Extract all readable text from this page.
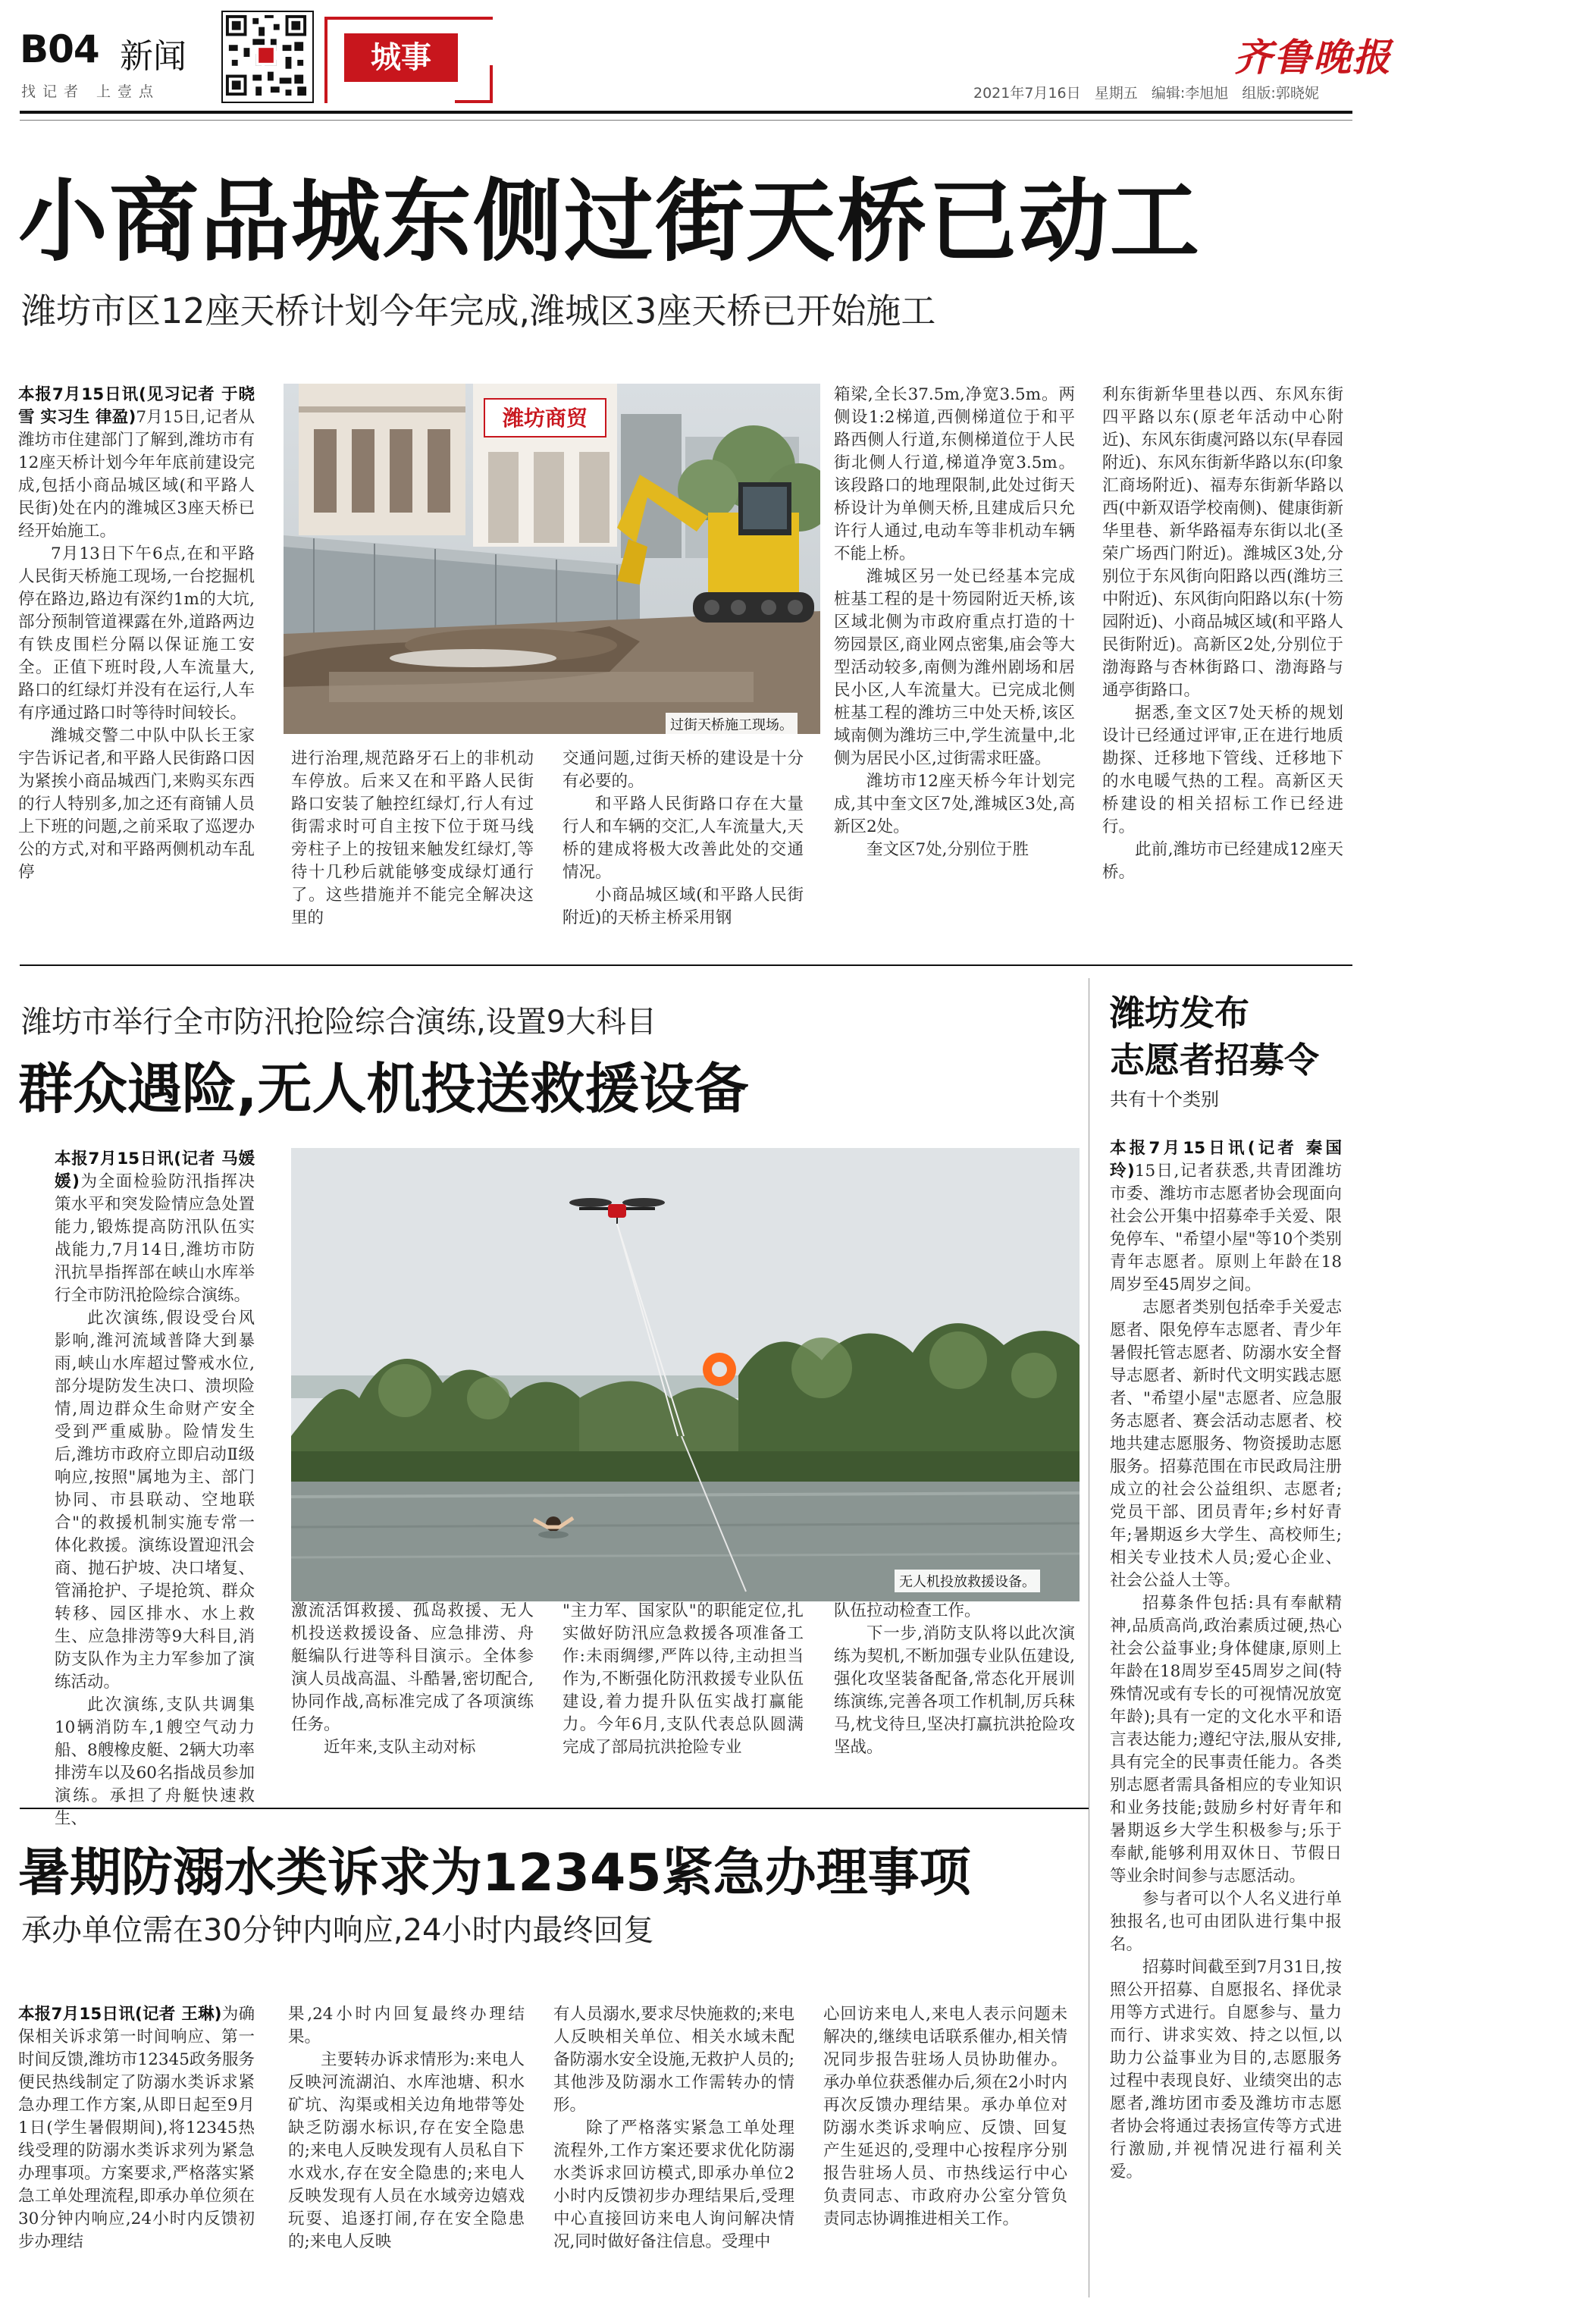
B04 新闻
找记者 上壹点
城事	齐鲁晚报
2021年7月16日 星期五 编辑:李旭旭 组版:郭晓妮
小商品城东侧过街天桥已动工
潍坊市区12座天桥计划今年完成,潍城区3座天桥已开始施工

本报7月15日讯(见习记者 于晓雪 实习生 律盈)7月15日,记者从潍坊市住建部门了解到,潍坊市有12座天桥计划今年年底前建设完成,包括小商品城区域(和平路人民街)处在内的潍城区3座天桥已经开始施工。

7月13日下午6点,在和平路人民街天桥施工现场,一台挖掘机停在路边,路边有深约1m的大坑,部分预制管道裸露在外,道路两边有铁皮围栏分隔以保证施工安全。正值下班时段,人车流量大,路口的红绿灯并没有在运行,人车有序通过路口时等待时间较长。

潍城交警二中队中队长王家宇告诉记者,和平路人民街路口因为紧挨小商品城西门,来购买东西的行人特别多,加之还有商铺人员上下班的问题,之前采取了巡逻办公的方式,对和平路两侧机动车乱停

潍坊商贸
过街天桥施工现场。

进行治理,规范路牙石上的非机动车停放。后来又在和平路人民街路口安装了触控红绿灯,行人有过街需求时可自主按下位于斑马线旁柱子上的按钮来触发红绿灯,等待十几秒后就能够变成绿灯通行了。这些措施并不能完全解决这里的

交通问题,过街天桥的建设是十分有必要的。

和平路人民街路口存在大量行人和车辆的交汇,人车流量大,天桥的建成将极大改善此处的交通情况。

小商品城区域(和平路人民街附近)的天桥主桥采用钢

箱梁,全长37.5m,净宽3.5m。两侧设1:2梯道,西侧梯道位于和平路西侧人行道,东侧梯道位于人民街北侧人行道,梯道净宽3.5m。该段路口的地理限制,此处过街天桥设计为单侧天桥,且建成后只允许行人通过,电动车等非机动车辆不能上桥。

潍城区另一处已经基本完成桩基工程的是十笏园附近天桥,该区域北侧为市政府重点打造的十笏园景区,商业网点密集,庙会等大型活动较多,南侧为潍州剧场和居民小区,人车流量大。已完成北侧桩基工程的潍坊三中处天桥,该区域南侧为潍坊三中,学生流量中,北侧为居民小区,过街需求旺盛。

潍坊市12座天桥今年计划完成,其中奎文区7处,潍城区3处,高新区2处。

奎文区7处,分别位于胜

利东街新华里巷以西、东风东街四平路以东(原老年活动中心附近)、东风东街虞河路以东(早春园附近)、东风东街新华路以东(印象汇商场附近)、福寿东街新华路以西(中新双语学校南侧)、健康街新华里巷、新华路福寿东街以北(圣荣广场西门附近)。潍城区3处,分别位于东风街向阳路以西(潍坊三中附近)、东风街向阳路以东(十笏园附近)、小商品城区域(和平路人民街附近)。高新区2处,分别位于渤海路与杏林街路口、渤海路与通亭街路口。

据悉,奎文区7处天桥的规划设计已经通过评审,正在进行地质勘探、迁移地下管线、迁移地下的水电暖气热的工程。高新区天桥建设的相关招标工作已经进行。

此前,潍坊市已经建成12座天桥。

潍坊市举行全市防汛抢险综合演练,设置9大科目
群众遇险,无人机投送救援设备

本报7月15日讯(记者 马媛媛)为全面检验防汛指挥决策水平和突发险情应急处置能力,锻炼提高防汛队伍实战能力,7月14日,潍坊市防汛抗旱指挥部在峡山水库举行全市防汛抢险综合演练。

此次演练,假设受台风影响,潍河流域普降大到暴雨,峡山水库超过警戒水位,部分堤防发生决口、溃坝险情,周边群众生命财产安全受到严重威胁。险情发生后,潍坊市政府立即启动Ⅱ级响应,按照"属地为主、部门协同、市县联动、空地联合"的救援机制实施专常一体化救援。演练设置迎汛会商、抛石护坡、决口堵复、管涌抢护、子堤抢筑、群众转移、园区排水、水上救生、应急排涝等9大科目,消防支队作为主力军参加了演练活动。

此次演练,支队共调集10辆消防车,1艘空气动力船、8艘橡皮艇、2辆大功率排涝车以及60名指战员参加演练。承担了舟艇快速救生、

无人机投放救援设备。

激流活饵救援、孤岛救援、无人机投送救援设备、应急排涝、舟艇编队行进等科目演示。全体参演人员战高温、斗酷暑,密切配合,协同作战,高标准完成了各项演练任务。

近年来,支队主动对标

"主力军、国家队"的职能定位,扎实做好防汛应急救援各项准备工作:未雨绸缪,严阵以待,主动担当作为,不断强化防汛救援专业队伍建设,着力提升队伍实战打赢能力。今年6月,支队代表总队圆满完成了部局抗洪抢险专业

队伍拉动检查工作。

下一步,消防支队将以此次演练为契机,不断加强专业队伍建设,强化攻坚装备配备,常态化开展训练演练,完善各项工作机制,厉兵秣马,枕戈待旦,坚决打赢抗洪抢险攻坚战。

暑期防溺水类诉求为12345紧急办理事项
承办单位需在30分钟内响应,24小时内最终回复

本报7月15日讯(记者 王琳)为确保相关诉求第一时间响应、第一时间反馈,潍坊市12345政务服务便民热线制定了防溺水类诉求紧急办理工作方案,从即日起至9月1日(学生暑假期间),将12345热线受理的防溺水类诉求列为紧急办理事项。方案要求,严格落实紧急工单处理流程,即承办单位须在30分钟内响应,24小时内反馈初步办理结

果,24小时内回复最终办理结果。

主要转办诉求情形为:来电人反映河流湖泊、水库池塘、积水矿坑、沟渠或相关边角地带等处缺乏防溺水标识,存在安全隐患的;来电人反映发现有人员私自下水戏水,存在安全隐患的;来电人反映发现有人员在水域旁边嬉戏玩耍、追逐打闹,存在安全隐患的;来电人反映

有人员溺水,要求尽快施救的;来电人反映相关单位、相关水域未配备防溺水安全设施,无救护人员的;其他涉及防溺水工作需转办的情形。

除了严格落实紧急工单处理流程外,工作方案还要求优化防溺水类诉求回访模式,即承办单位2小时内反馈初步办理结果后,受理中心直接回访来电人询问解决情况,同时做好备注信息。受理中

心回访来电人,来电人表示问题未解决的,继续电话联系催办,相关情况同步报告驻场人员协助催办。承办单位获悉催办后,须在2小时内再次反馈办理结果。承办单位对防溺水类诉求响应、反馈、回复产生延迟的,受理中心按程序分别报告驻场人员、市热线运行中心负责同志、市政府办公室分管负责同志协调推进相关工作。

潍坊发布
志愿者招募令
共有十个类别

本报7月15日讯(记者 秦国玲)15日,记者获悉,共青团潍坊市委、潍坊市志愿者协会现面向社会公开集中招募牵手关爱、限免停车、"希望小屋"等10个类别青年志愿者。原则上年龄在18周岁至45周岁之间。

志愿者类别包括牵手关爱志愿者、限免停车志愿者、青少年暑假托管志愿者、防溺水安全督导志愿者、新时代文明实践志愿者、"希望小屋"志愿者、应急服务志愿者、赛会活动志愿者、校地共建志愿服务、物资援助志愿服务。招募范围在市民政局注册成立的社会公益组织、志愿者;党员干部、团员青年;乡村好青年;暑期返乡大学生、高校师生;相关专业技术人员;爱心企业、社会公益人士等。

招募条件包括:具有奉献精神,品质高尚,政治素质过硬,热心社会公益事业;身体健康,原则上年龄在18周岁至45周岁之间(特殊情况或有专长的可视情况放宽年龄);具有一定的文化水平和语言表达能力;遵纪守法,服从安排,具有完全的民事责任能力。各类别志愿者需具备相应的专业知识和业务技能;鼓励乡村好青年和暑期返乡大学生积极参与;乐于奉献,能够利用双休日、节假日等业余时间参与志愿活动。

参与者可以个人名义进行单独报名,也可由团队进行集中报名。

招募时间截至到7月31日,按照公开招募、自愿报名、择优录用等方式进行。自愿参与、量力而行、讲求实效、持之以恒,以助力公益事业为目的,志愿服务过程中表现良好、业绩突出的志愿者,潍坊团市委及潍坊市志愿者协会将通过表扬宣传等方式进行激励,并视情况进行福利关爱。
